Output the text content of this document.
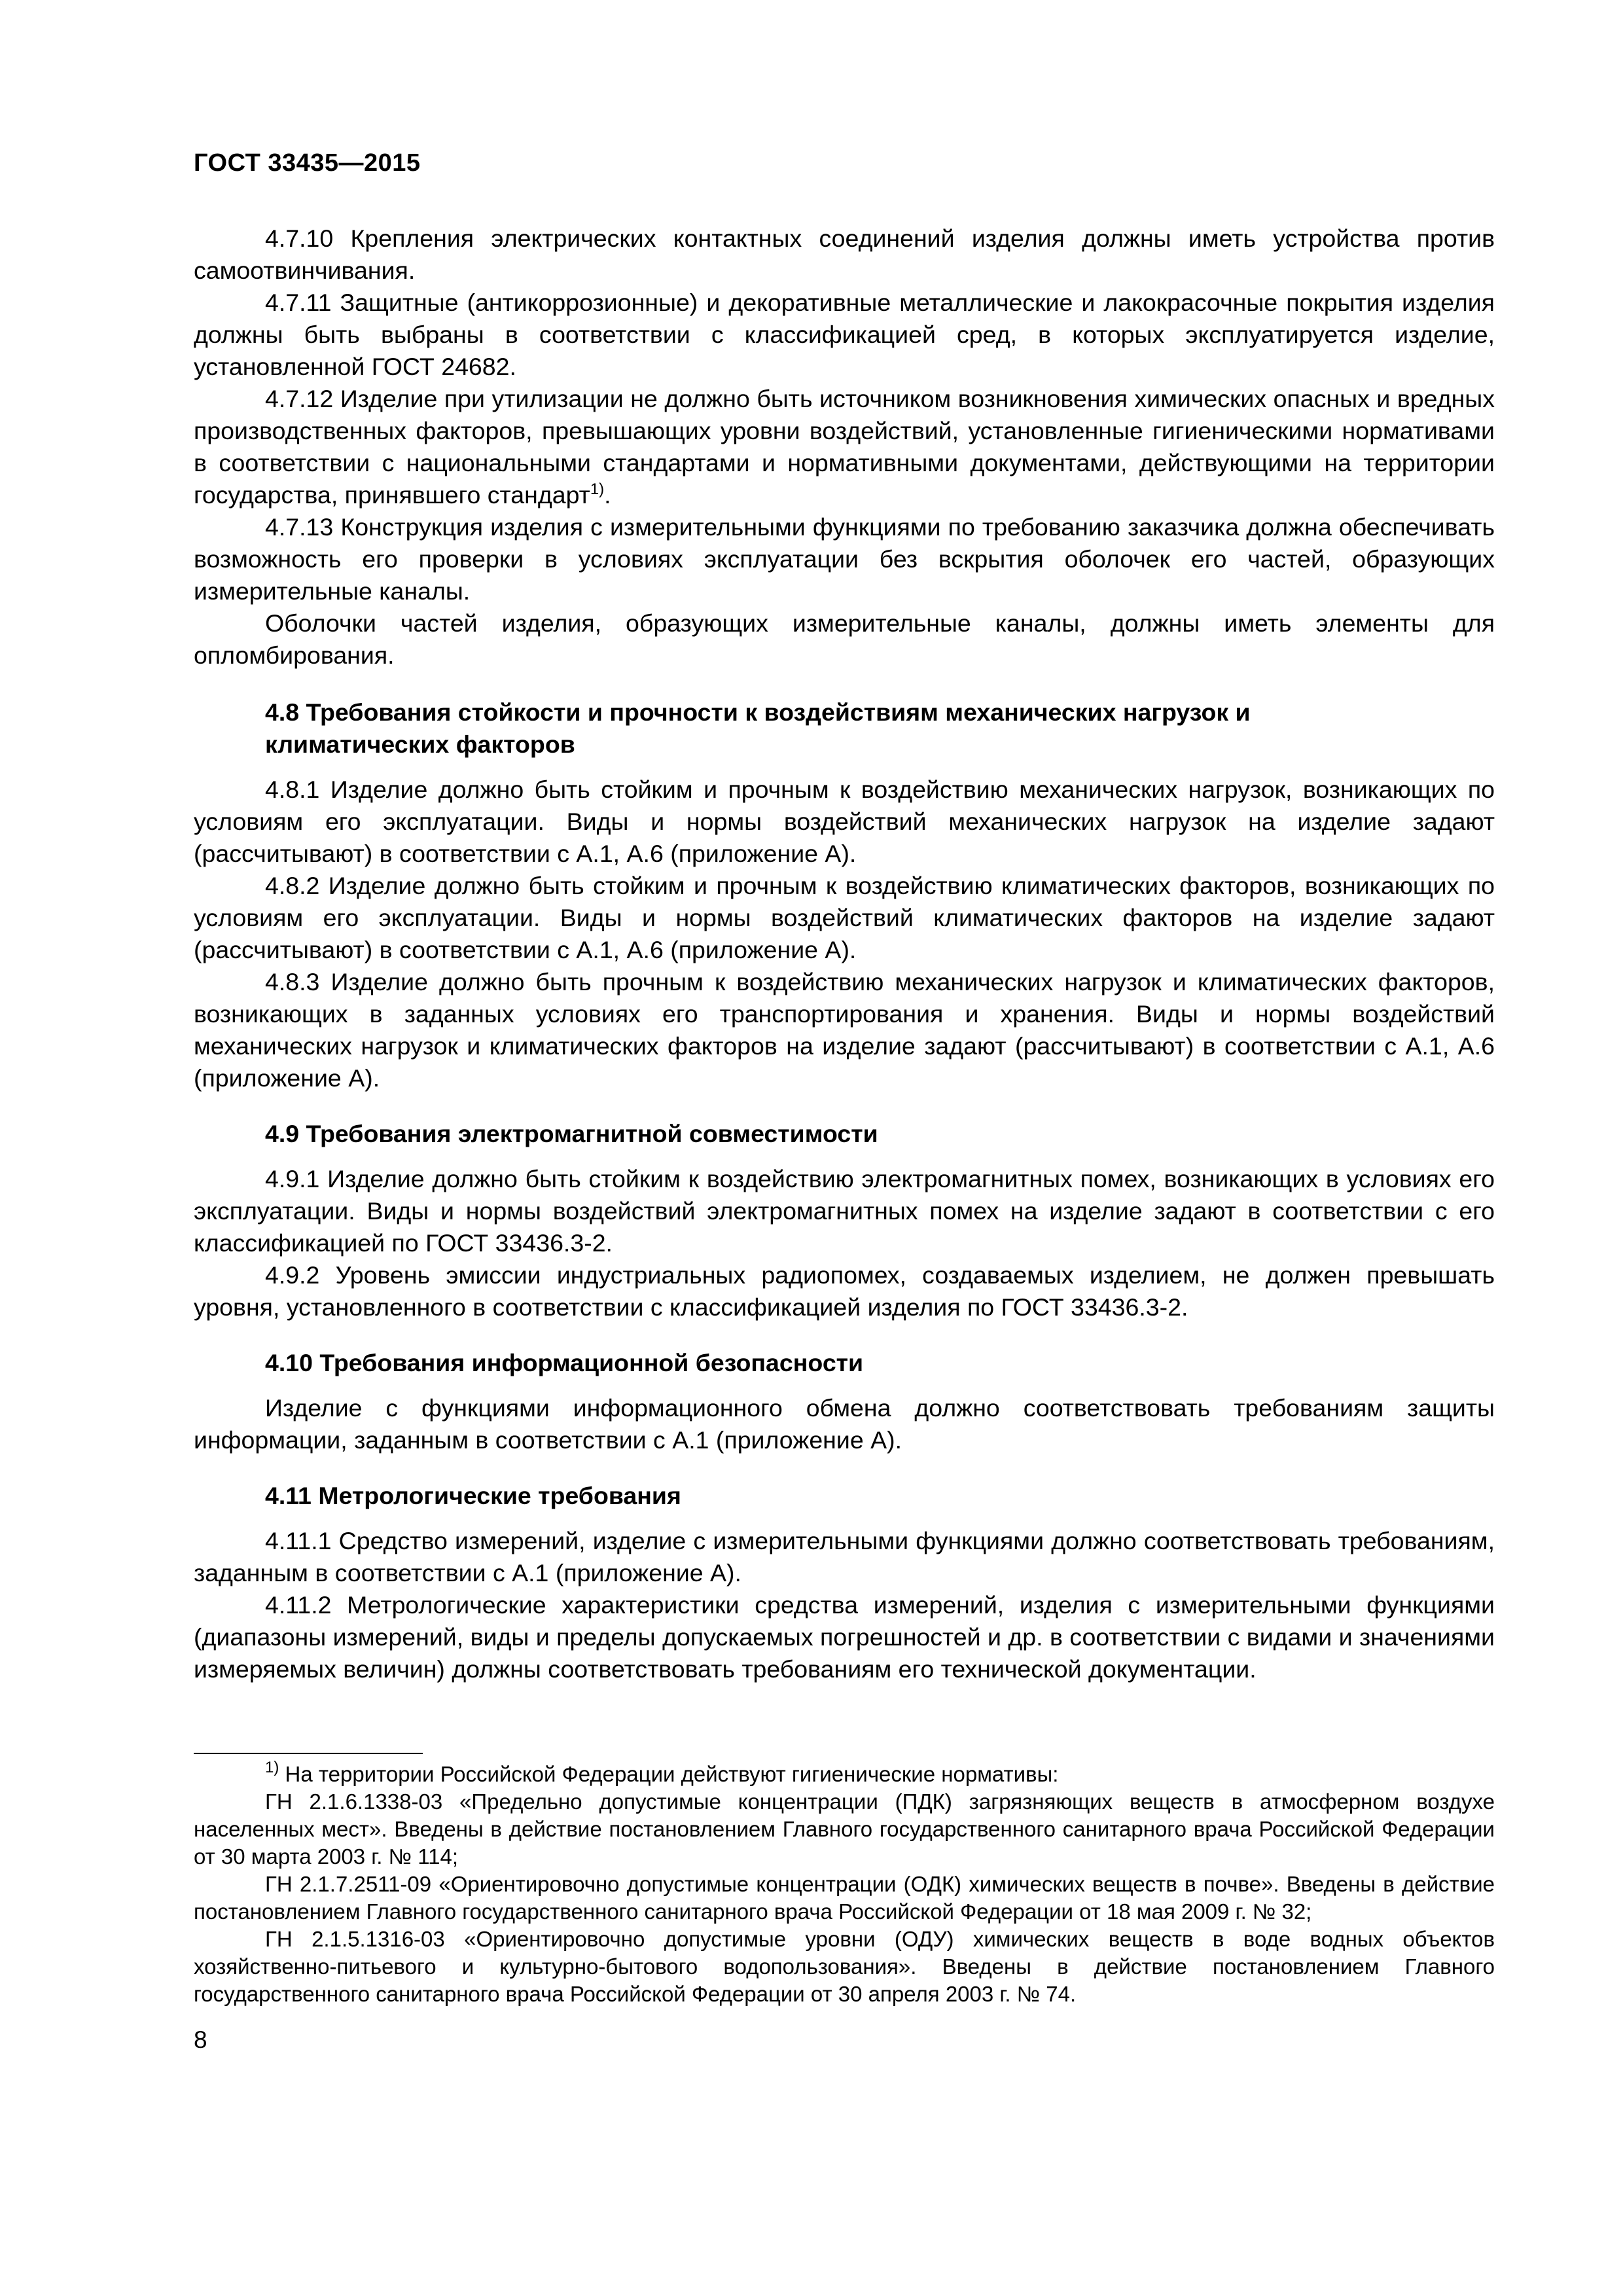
ГОСТ 33435—2015

4.7.10 Крепления электрических контактных соединений изделия должны иметь устройства против самоотвинчивания.

4.7.11 Защитные (антикоррозионные) и декоративные металлические и лакокрасочные покрытия изделия должны быть выбраны в соответствии с классификацией сред, в которых эксплуатируется изделие, установленной ГОСТ 24682.

4.7.12 Изделие при утилизации не должно быть источником возникновения химических опасных и вредных производственных факторов, превышающих уровни воздействий, установленные гигиеническими нормативами в соответствии с национальными стандартами и нормативными документами, действующими на территории государства, принявшего стандарт$^{1)}$.

4.7.13 Конструкция изделия с измерительными функциями по требованию заказчика должна обеспечивать возможность его проверки в условиях эксплуатации без вскрытия оболочек его частей, образующих измерительные каналы.

Оболочки частей изделия, образующих измерительные каналы, должны иметь элементы для опломбирования.

4.8 Требования стойкости и прочности к воздействиям механических нагрузок и климатических факторов

4.8.1 Изделие должно быть стойким и прочным к воздействию механических нагрузок, возникающих по условиям его эксплуатации. Виды и нормы воздействий механических нагрузок на изделие задают (рассчитывают) в соответствии с А.1, А.6 (приложение А).

4.8.2 Изделие должно быть стойким и прочным к воздействию климатических факторов, возникающих по условиям его эксплуатации. Виды и нормы воздействий климатических факторов на изделие задают (рассчитывают) в соответствии с А.1, А.6 (приложение А).

4.8.3 Изделие должно быть прочным к воздействию механических нагрузок и климатических факторов, возникающих в заданных условиях его транспортирования и хранения. Виды и нормы воздействий механических нагрузок и климатических факторов на изделие задают (рассчитывают) в соответствии с А.1, А.6 (приложение А).

4.9 Требования электромагнитной совместимости

4.9.1 Изделие должно быть стойким к воздействию электромагнитных помех, возникающих в условиях его эксплуатации. Виды и нормы воздействий электромагнитных помех на изделие задают в соответствии с его классификацией по ГОСТ 33436.3-2.

4.9.2 Уровень эмиссии индустриальных радиопомех, создаваемых изделием, не должен превышать уровня, установленного в соответствии с классификацией изделия по ГОСТ 33436.3-2.

4.10 Требования информационной безопасности

Изделие с функциями информационного обмена должно соответствовать требованиям защиты информации, заданным в соответствии с А.1 (приложение А).

4.11 Метрологические требования

4.11.1 Средство измерений, изделие с измерительными функциями должно соответствовать требованиям, заданным в соответствии с А.1 (приложение А).

4.11.2 Метрологические характеристики средства измерений, изделия с измерительными функциями (диапазоны измерений, виды и пределы допускаемых погрешностей и др. в соответствии с видами и значениями измеряемых величин) должны соответствовать требованиям его технической документации.

$^{1)}$ На территории Российской Федерации действуют гигиенические нормативы:

ГН 2.1.6.1338-03 «Предельно допустимые концентрации (ПДК) загрязняющих веществ в атмосферном воздухе населенных мест». Введены в действие постановлением Главного государственного санитарного врача Российской Федерации от 30 марта 2003 г. № 114;

ГН 2.1.7.2511-09 «Ориентировочно допустимые концентрации (ОДК) химических веществ в почве». Введены в действие постановлением Главного государственного санитарного врача Российской Федерации от 18 мая 2009 г. № 32;

ГН 2.1.5.1316-03 «Ориентировочно допустимые уровни (ОДУ) химических веществ в воде водных объектов хозяйственно-питьевого и культурно-бытового водопользования». Введены в действие постановлением Главного государственного санитарного врача Российской Федерации от 30 апреля 2003 г. № 74.

8
